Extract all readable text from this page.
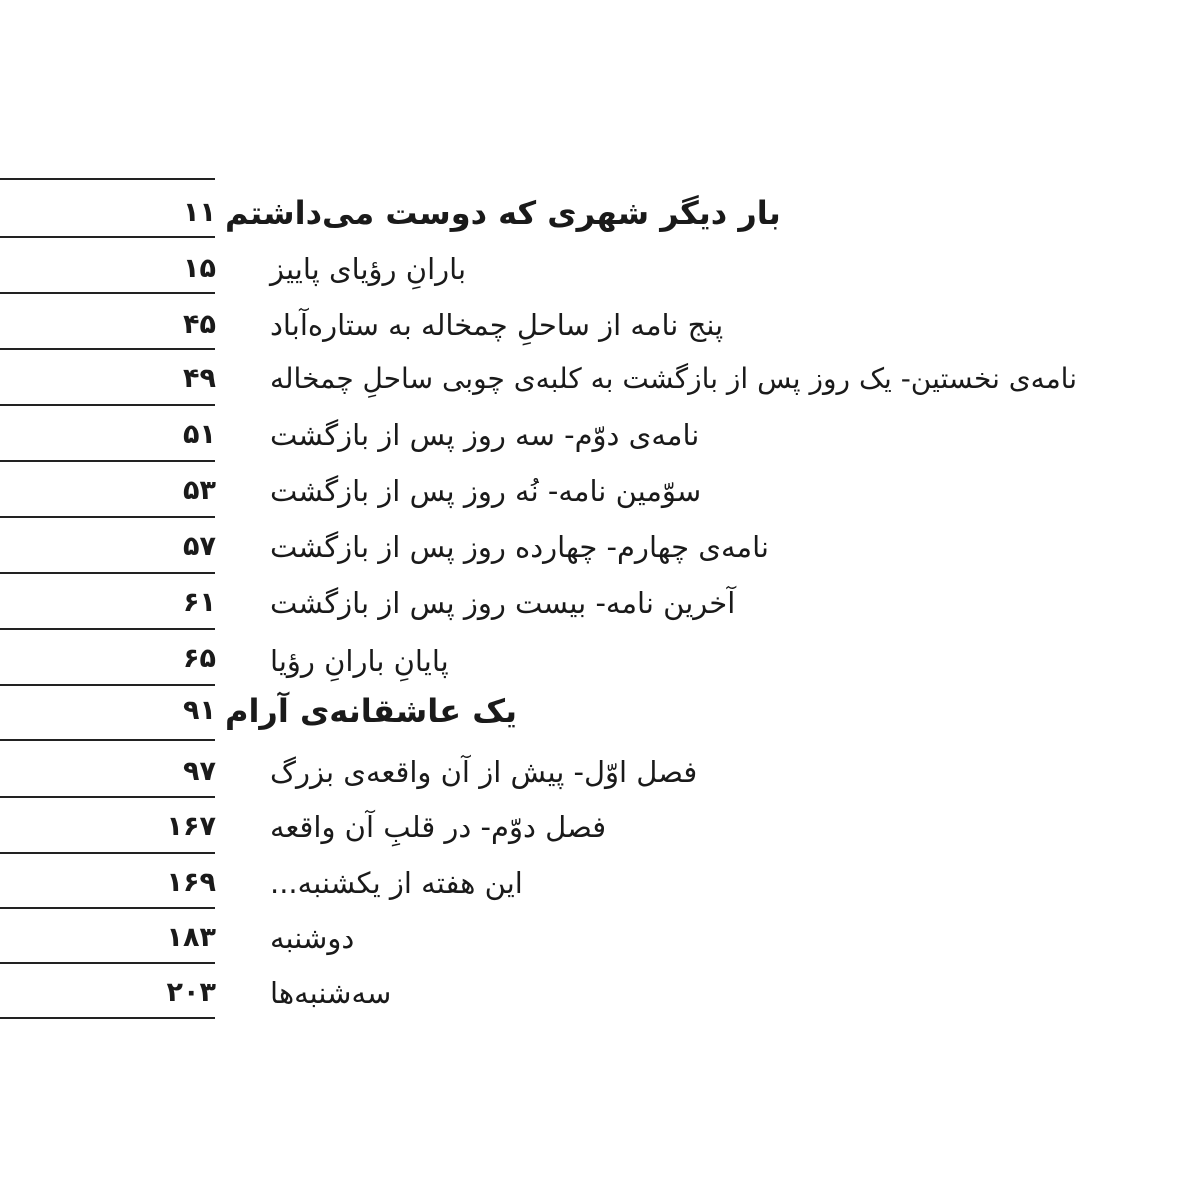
۱۱ بار دیگر شهری که دوست می‌داشتم
۱۵ بارانِ رؤیای پاییز
۴۵ پنج نامه از ساحلِ چمخاله به ستاره‌آباد
۴۹ نامه‌ی نخستین- یک روز پس از بازگشت به کلبه‌ی چوبی ساحلِ چمخاله
۵۱ نامه‌ی دوّم- سه روز پس از بازگشت
۵۳ سوّمین نامه- نُه روز پس از بازگشت
۵۷ نامه‌ی چهارم- چهارده روز پس از بازگشت
۶۱ آخرین نامه- بیست روز پس از بازگشت
۶۵ پایانِ بارانِ رؤیا
۹۱ یک عاشقانه‌ی آرام
۹۷ فصل اوّل- پیش از آن واقعه‌ی بزرگ
۱۶۷ فصل دوّم- در قلبِ آن واقعه
۱۶۹ این هفته از یکشنبه...
۱۸۳ دوشنبه
۲۰۳ سه‌شنبه‌ها
